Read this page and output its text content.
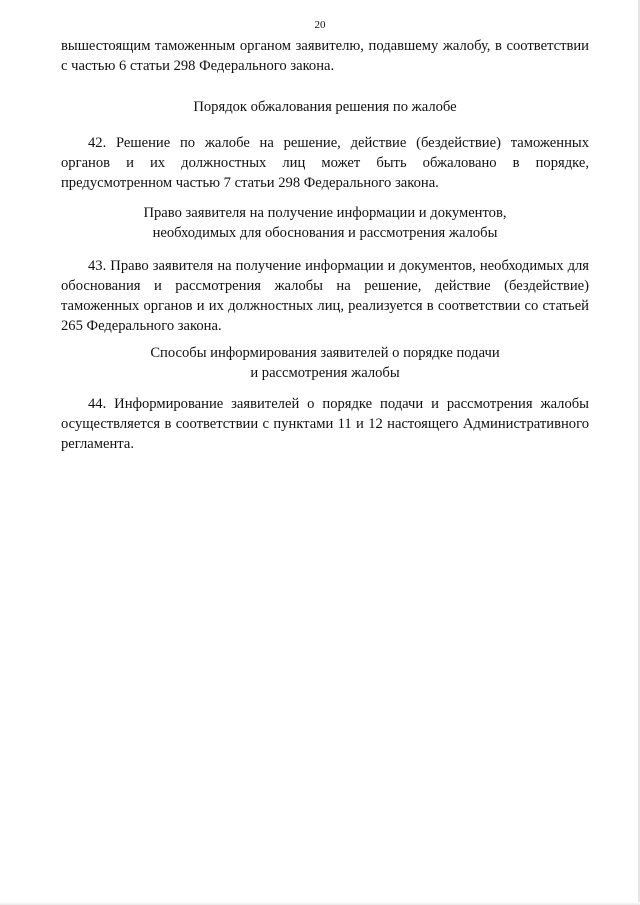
20

вышестоящим таможенным органом заявителю, подавшему жалобу, в соответствии с частью 6 статьи 298 Федерального закона.

Порядок обжалования решения по жалобе

42. Решение по жалобе на решение, действие (бездействие) таможенных органов и их должностных лиц может быть обжаловано в порядке, предусмотренном частью 7 статьи 298 Федерального закона.

Право заявителя на получение информации и документов,
необходимых для обоснования и рассмотрения жалобы

43. Право заявителя на получение информации и документов, необходимых для обоснования и рассмотрения жалобы на решение, действие (бездействие) таможенных органов и их должностных лиц, реализуется в соответствии со статьей 265 Федерального закона.

Способы информирования заявителей о порядке подачи
и рассмотрения жалобы

44. Информирование заявителей о порядке подачи и рассмотрения жалобы осуществляется в соответствии с пунктами 11 и 12 настоящего Административного регламента.
